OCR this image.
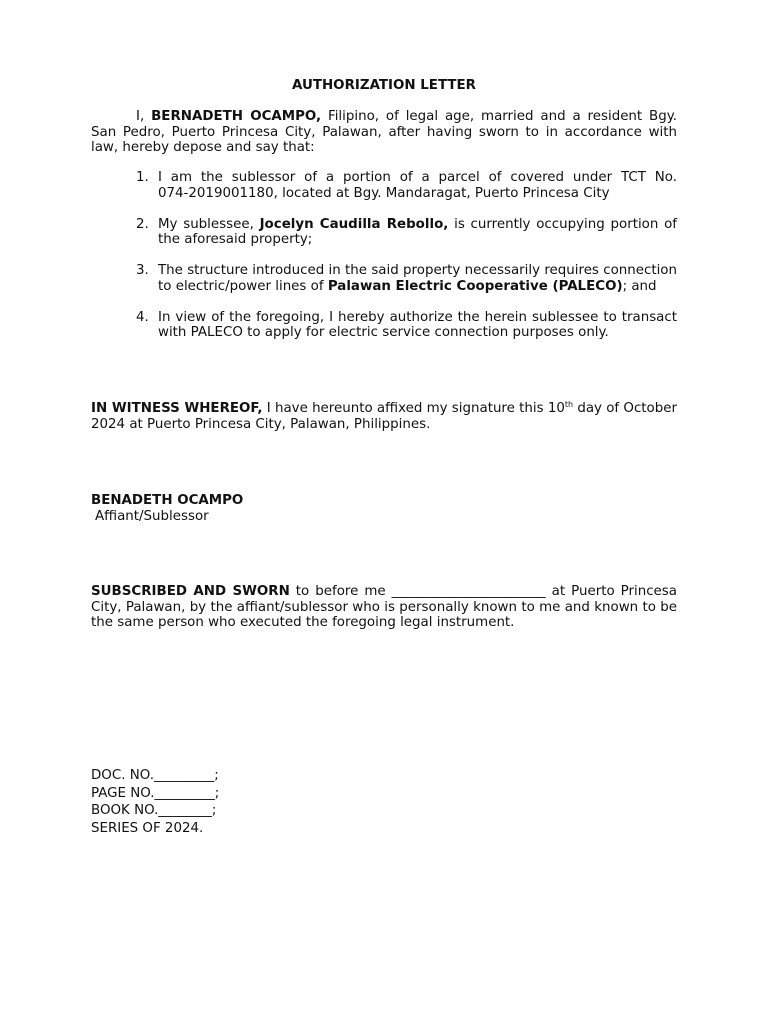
AUTHORIZATION LETTER
I, BERNADETH OCAMPO, Filipino, of legal age, married and a resident Bgy. San Pedro, Puerto Princesa City, Palawan, after having sworn to in accordance with law, hereby depose and say that:
1. I am the sublessor of a portion of a parcel of covered under TCT No.
074-2019001180, located at Bgy. Mandaragat, Puerto Princesa City
2. My sublessee, Jocelyn Caudilla Rebollo, is currently occupying portion of the aforesaid property;
3. The structure introduced in the said property necessarily requires connection to electric/power lines of Palawan Electric Cooperative (PALECO); and
4. In view of the foregoing, I hereby authorize the herein sublessee to transact with PALECO to apply for electric service connection purposes only.
IN WITNESS WHEREOF, I have hereunto affixed my signature this 10th day of October 2024 at Puerto Princesa City, Palawan, Philippines.
BENADETH OCAMPO
Affiant/Sublessor
SUBSCRIBED AND SWORN to before me _______________________ at Puerto Princesa City, Palawan, by the affiant/sublessor who is personally known to me and known to be the same person who executed the foregoing legal instrument.
DOC. NO._________;
PAGE NO._________;
BOOK NO.________;
SERIES OF 2024.
